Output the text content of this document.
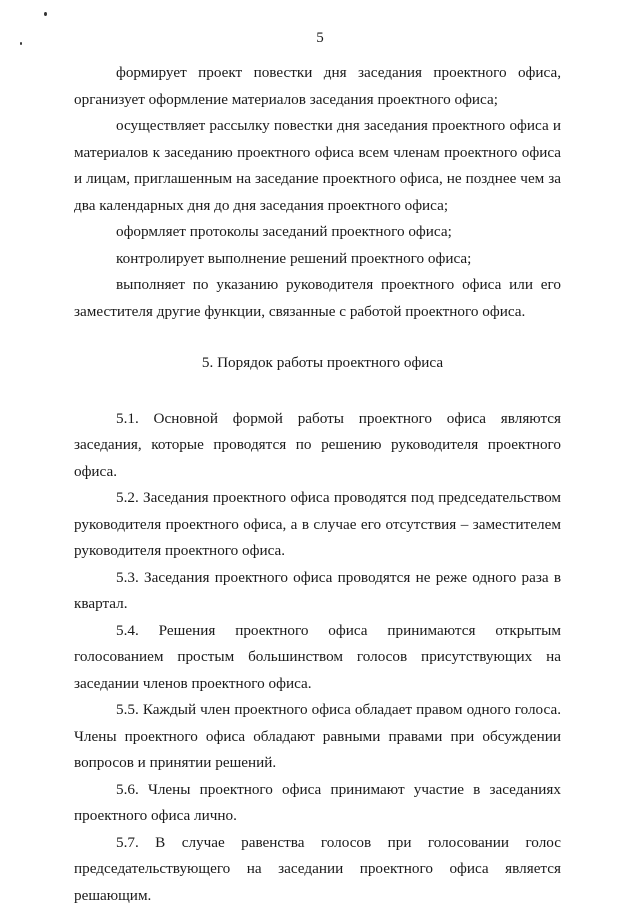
5

формирует проект повестки дня заседания проектного офиса, организует оформление материалов заседания проектного офиса;

осуществляет рассылку повестки дня заседания проектного офиса и материалов к заседанию проектного офиса всем членам проектного офиса и лицам, приглашенным на заседание проектного офиса, не позднее чем за два календарных дня до дня заседания проектного офиса;

оформляет протоколы заседаний проектного офиса;

контролирует выполнение решений проектного офиса;

выполняет по указанию руководителя проектного офиса или его заместителя другие функции, связанные с работой проектного офиса.

5. Порядок работы проектного офиса

5.1. Основной формой работы проектного офиса являются заседания, которые проводятся по решению руководителя проектного офиса.

5.2. Заседания проектного офиса проводятся под председательством руководителя проектного офиса, а в случае его отсутствия – заместителем руководителя проектного офиса.

5.3. Заседания проектного офиса проводятся не реже одного раза в квартал.

5.4. Решения проектного офиса принимаются открытым голосованием простым большинством голосов присутствующих на заседании членов проектного офиса.

5.5. Каждый член проектного офиса обладает правом одного голоса. Члены проектного офиса обладают равными правами при обсуждении вопросов и принятии решений.

5.6. Члены проектного офиса принимают участие в заседаниях проектного офиса лично.

5.7. В случае равенства голосов при голосовании голос председательствующего на заседании проектного офиса является решающим.
